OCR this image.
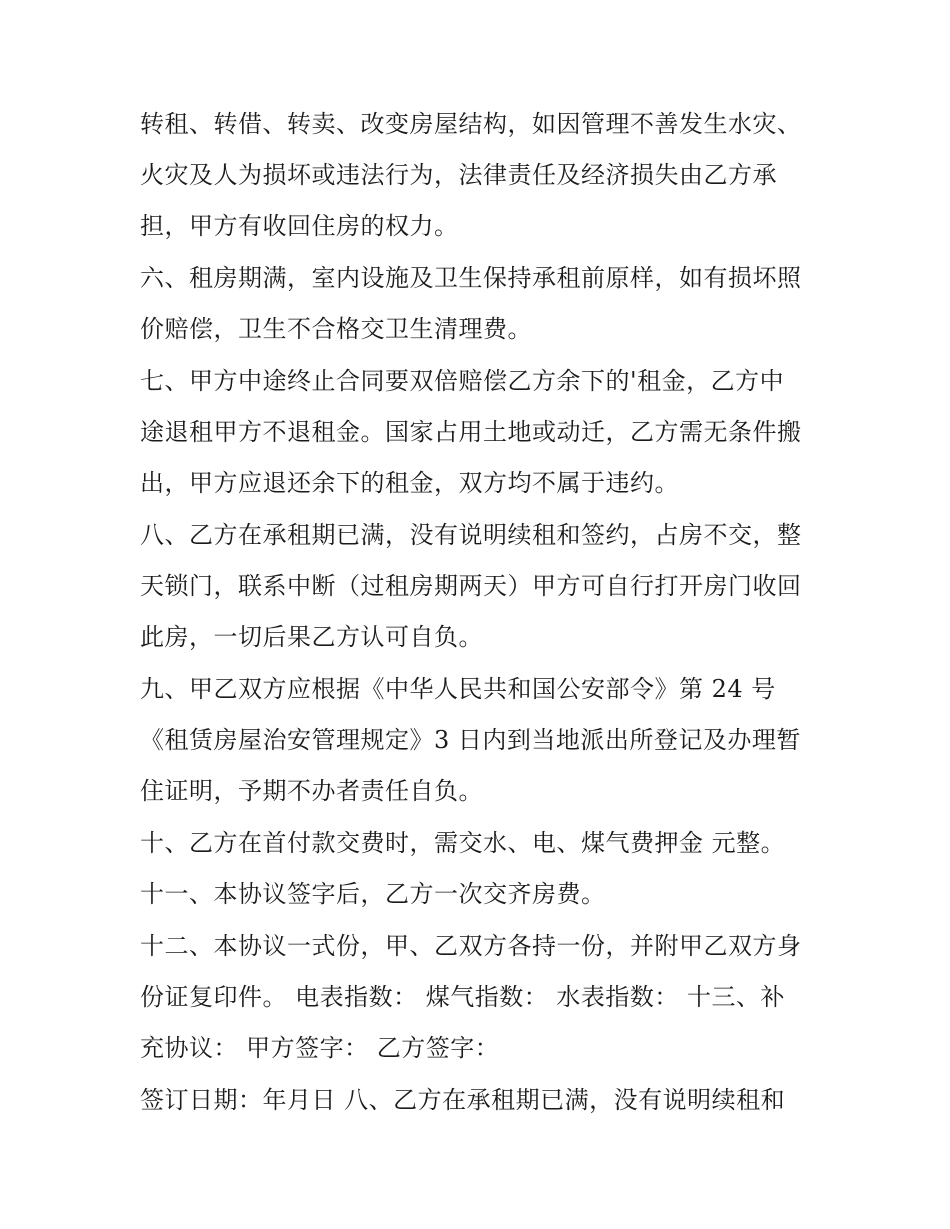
转租、转借、转卖、改变房屋结构，如因管理不善发生水灾、
火灾及人为损坏或违法行为，法律责任及经济损失由乙方承
担，甲方有收回住房的权力。
六、租房期满，室内设施及卫生保持承租前原样，如有损坏照
价赔偿，卫生不合格交卫生清理费。
七、甲方中途终止合同要双倍赔偿乙方余下的'租金，乙方中
途退租甲方不退租金。国家占用土地或动迁，乙方需无条件搬
出，甲方应退还余下的租金，双方均不属于违约。
八、乙方在承租期已满，没有说明续租和签约，占房不交，整
天锁门，联系中断（过租房期两天）甲方可自行打开房门收回
此房，一切后果乙方认可自负。
九、甲乙双方应根据《中华人民共和国公安部令》第 24 号
《租赁房屋治安管理规定》3 日内到当地派出所登记及办理暂
住证明，予期不办者责任自负。
十、乙方在首付款交费时，需交水、电、煤气费押金 元整。
十一、本协议签字后，乙方一次交齐房费。
十二、本协议一式份，甲、乙双方各持一份，并附甲乙双方身
份证复印件。 电表指数： 煤气指数： 水表指数： 十三、补
充协议： 甲方签字： 乙方签字：
签订日期：年月日 八、乙方在承租期已满，没有说明续租和
